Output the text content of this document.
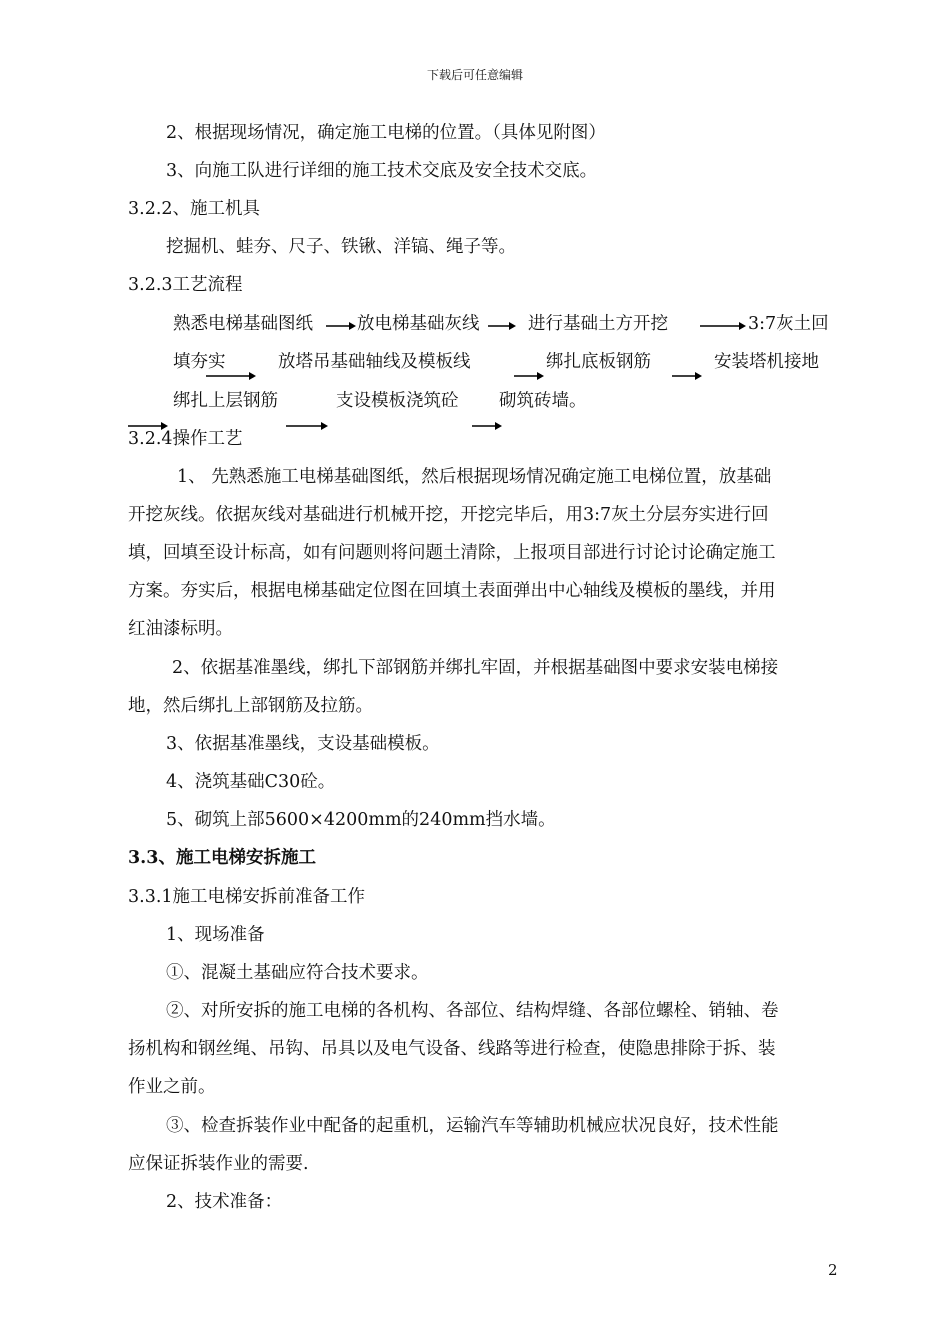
下载后可任意编辑
2、根据现场情况，确定施工电梯的位置。（具体见附图）
3、向施工队进行详细的施工技术交底及安全技术交底。
3.2.2、施工机具
挖掘机、蛙夯、尺子、铁锹、洋镐、绳子等。
3.2.3工艺流程
熟悉电梯基础图纸	放电梯基础灰线	进行基础土方开挖	3:7灰土回
填夯实	放塔吊基础轴线及模板线	绑扎底板钢筋	安装塔机接地
绑扎上层钢筋	支设模板浇筑砼 砌筑砖墙。
3.2.4操作工艺
1、 先熟悉施工电梯基础图纸，然后根据现场情况确定施工电梯位置，放基础
开挖灰线。依据灰线对基础进行机械开挖，开挖完毕后，用3:7灰土分层夯实进行回
填，回填至设计标高，如有问题则将问题土清除，上报项目部进行讨论讨论确定施工
方案。夯实后，根据电梯基础定位图在回填土表面弹出中心轴线及模板的墨线，并用
红油漆标明。
2、依据基准墨线，绑扎下部钢筋并绑扎牢固，并根据基础图中要求安装电梯接
地，然后绑扎上部钢筋及拉筋。
3、依据基准墨线，支设基础模板。
4、浇筑基础C30砼。
5、砌筑上部5600×4200mm的240mm挡水墙。
3.3、施工电梯安拆施工
3.3.1施工电梯安拆前准备工作
1、现场准备
①、混凝土基础应符合技术要求。
②、对所安拆的施工电梯的各机构、各部位、结构焊缝、各部位螺栓、销轴、卷
扬机构和钢丝绳、吊钩、吊具以及电气设备、线路等进行检查，使隐患排除于拆、装
作业之前。
③、检查拆装作业中配备的起重机，运输汽车等辅助机械应状况良好，技术性能
应保证拆装作业的需要.
2、技术准备：
2
